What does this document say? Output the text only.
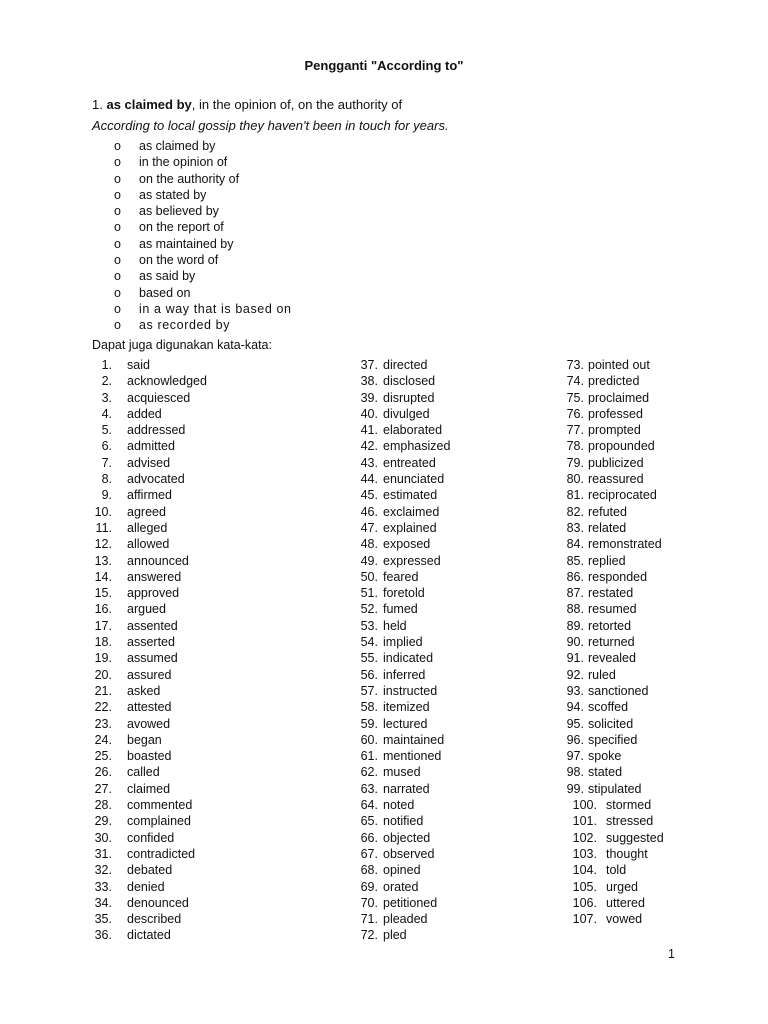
Pengganti "According to"
1. as claimed by, in the opinion of, on the authority of
According to local gossip they haven't been in touch for years.
o as claimed by
o in the opinion of
o on the authority of
o as stated by
o as believed by
o on the report of
o as maintained by
o on the word of
o as said by
o based on
o in a way that is based on
o as recorded by
Dapat juga digunakan kata-kata:
1.	said
2.	acknowledged
3.	acquiesced
4.	added
5.	addressed
6.	admitted
7.	advised
8.	advocated
9.	affirmed
10.	agreed
11.	alleged
12.	allowed
13.	announced
14.	answered
15.	approved
16.	argued
17.	assented
18.	asserted
19.	assumed
20.	assured
21.	asked
22.	attested
23.	avowed
24.	began
25.	boasted
26.	called
27.	claimed
28.	commented
29.	complained
30.	confided
31.	contradicted
32.	debated
33.	denied
34.	denounced
35.	described
36.	dictated
37. directed
38. disclosed
39. disrupted
40. divulged
41. elaborated
42. emphasized
43. entreated
44. enunciated
45. estimated
46. exclaimed
47. explained
48. exposed
49. expressed
50. feared
51. foretold
52. fumed
53. held
54. implied
55. indicated
56. inferred
57. instructed
58. itemized
59. lectured
60. maintained
61. mentioned
62. mused
63. narrated
64. noted
65. notified
66. objected
67. observed
68. opined
69. orated
70. petitioned
71. pleaded
72. pled
73. pointed out
74. predicted
75. proclaimed
76. professed
77. prompted
78. propounded
79. publicized
80. reassured
81. reciprocated
82. refuted
83. related
84. remonstrated
85. replied
86. responded
87. restated
88. resumed
89. retorted
90. returned
91. revealed
92. ruled
93. sanctioned
94. scoffed
95. solicited
96. specified
97. spoke
98. stated
99. stipulated
100. stormed
101. stressed
102. suggested
103. thought
104. told
105. urged
106. uttered
107. vowed
1
